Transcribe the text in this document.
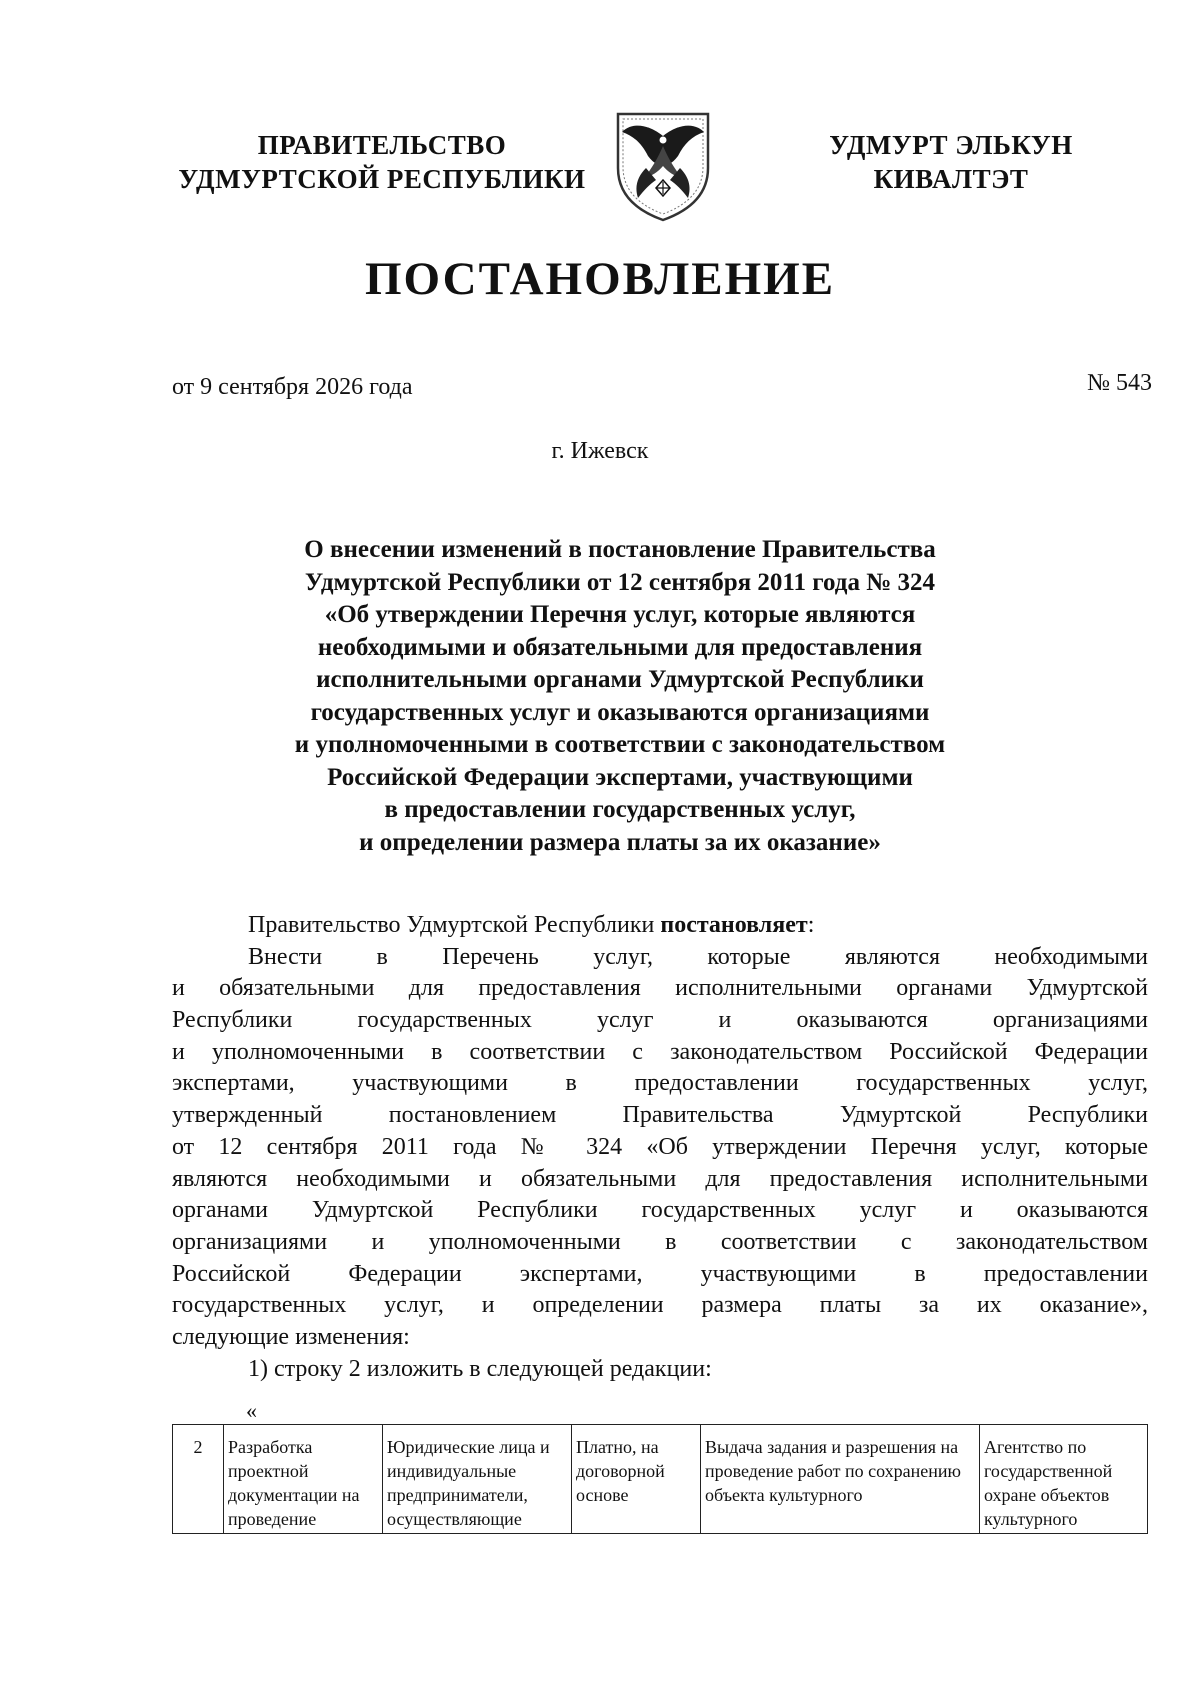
ПРАВИТЕЛЬСТВО
УДМУРТСКОЙ РЕСПУБЛИКИ
УДМУРТ ЭЛЬКУН
КИВАЛТЭТ
ПОСТАНОВЛЕНИЕ
от 9 сентября 2026 года	№ 543
г. Ижевск
О внесении изменений в постановление Правительства
Удмуртской Республики от 12 сентября 2011 года № 324
«Об утверждении Перечня услуг, которые являются
необходимыми и обязательными для предоставления
исполнительными органами Удмуртской Республики
государственных услуг и оказываются организациями
и уполномоченными в соответствии с законодательством
Российской Федерации экспертами, участвующими
в предоставлении государственных услуг,
и определении размера платы за их оказание»
Правительство Удмуртской Республики постановляет:
Внести в Перечень услуг, которые являются необходимыми
и обязательными для предоставления исполнительными органами Удмуртской
Республики государственных услуг и оказываются организациями
и уполномоченными в соответствии с законодательством Российской Федерации
экспертами, участвующими в предоставлении государственных услуг,
утвержденный постановлением Правительства Удмуртской Республики
от 12 сентября 2011 года № 324 «Об утверждении Перечня услуг, которые
являются необходимыми и обязательными для предоставления исполнительными
органами Удмуртской Республики государственных услуг и оказываются
организациями и уполномоченными в соответствии с законодательством
Российской Федерации экспертами, участвующими в предоставлении
государственных услуг, и определении размера платы за их оказание»,
следующие изменения:
1) строку 2 изложить в следующей редакции:
«
2	Разработка проектной документации на проведение	Юридические лица и индивидуальные предприниматели, осуществляющие	Платно, на договорной основе	Выдача задания и разрешения на проведение работ по сохранению объекта культурного	Агентство по государственной охране объектов культурного
